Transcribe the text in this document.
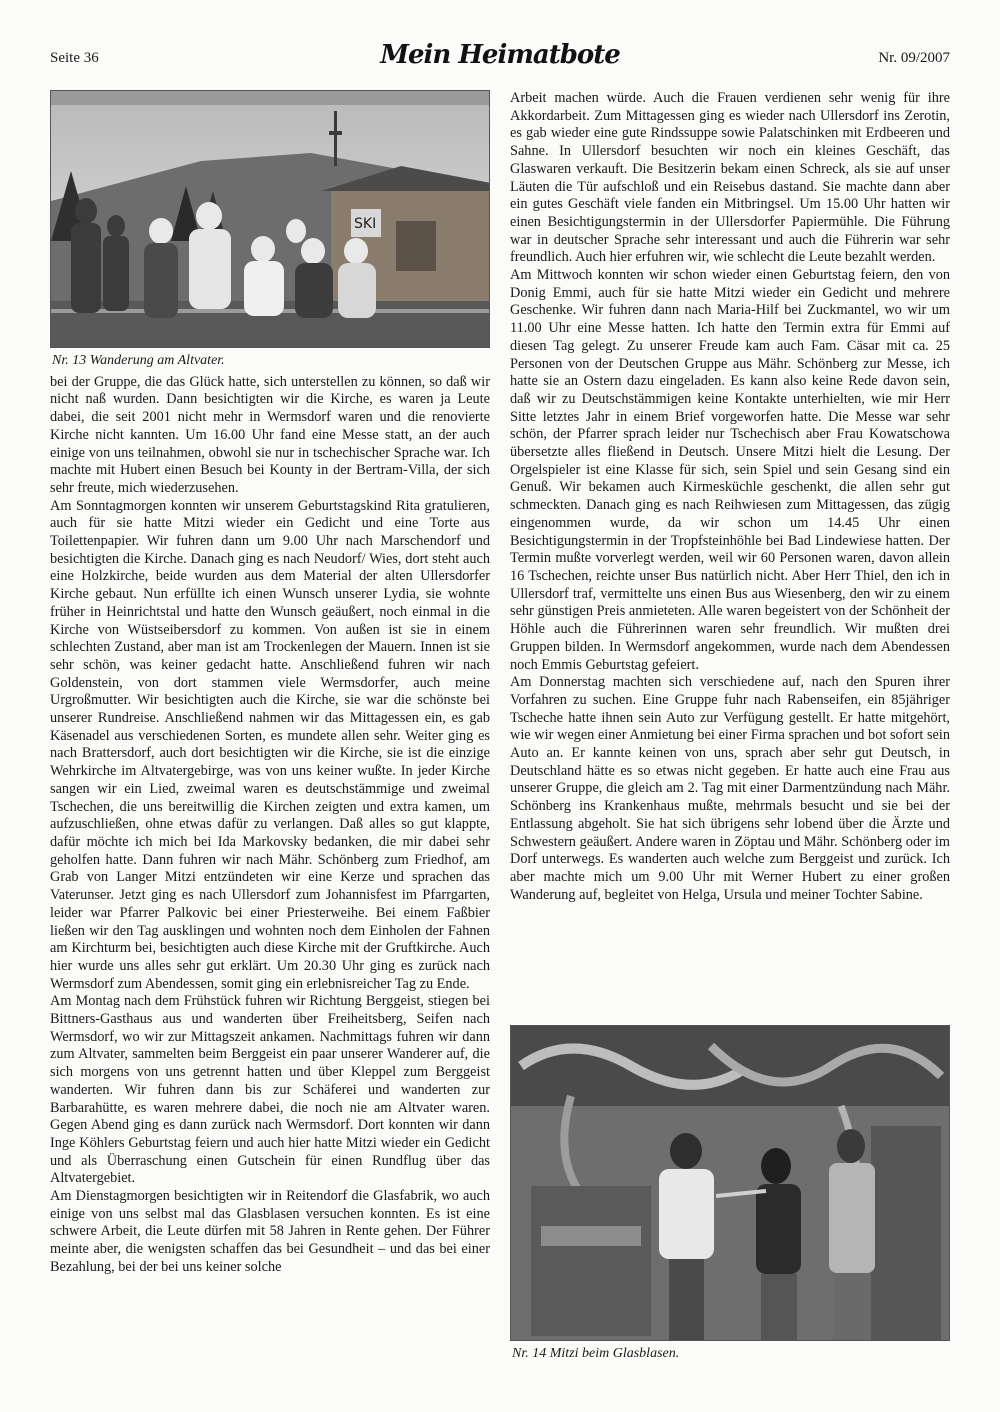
Seite 36	Mein Heimatbote	Nr. 09/2007
SKI
Nr. 13 Wanderung am Altvater.

bei der Gruppe, die das Glück hatte, sich unterstellen zu können, so daß wir nicht naß wurden. Dann besichtigten wir die Kirche, es waren ja Leute dabei, die seit 2001 nicht mehr in Wermsdorf waren und die renovierte Kirche nicht kannten. Um 16.00 Uhr fand eine Messe statt, an der auch einige von uns teilnahmen, obwohl sie nur in tschechischer Sprache war. Ich machte mit Hubert einen Besuch bei Kounty in der Bertram-Villa, der sich sehr freute, mich wiederzusehen.

Am Sonntagmorgen konnten wir unserem Geburtstagskind Rita gratulieren, auch für sie hatte Mitzi wieder ein Gedicht und eine Torte aus Toilettenpapier. Wir fuhren dann um 9.00 Uhr nach Marschendorf und besichtigten die Kirche. Danach ging es nach Neudorf/ Wies, dort steht auch eine Holzkirche, beide wurden aus dem Material der alten Ullersdorfer Kirche gebaut. Nun erfüllte ich einen Wunsch unserer Lydia, sie wohnte früher in Heinrichtstal und hatte den Wunsch geäußert, noch einmal in die Kirche von Wüstseibersdorf zu kommen. Von außen ist sie in einem schlechten Zustand, aber man ist am Trockenlegen der Mauern. Innen ist sie sehr schön, was keiner gedacht hatte. Anschließend fuhren wir nach Goldenstein, von dort stammen viele Wermsdorfer, auch meine Urgroßmutter. Wir besichtigten auch die Kirche, sie war die schönste bei unserer Rundreise. Anschließend nahmen wir das Mittagessen ein, es gab Käsenadel aus verschiedenen Sorten, es mundete allen sehr. Weiter ging es nach Brattersdorf, auch dort besichtigten wir die Kirche, sie ist die einzige Wehrkirche im Altvatergebirge, was von uns keiner wußte. In jeder Kirche sangen wir ein Lied, zweimal waren es deutschstämmige und zweimal Tschechen, die uns bereitwillig die Kirchen zeigten und extra kamen, um aufzuschließen, ohne etwas dafür zu verlangen. Daß alles so gut klappte, dafür möchte ich mich bei Ida Markovsky bedanken, die mir dabei sehr geholfen hatte. Dann fuhren wir nach Mähr. Schönberg zum Friedhof, am Grab von Langer Mitzi entzündeten wir eine Kerze und sprachen das Vaterunser. Jetzt ging es nach Ullersdorf zum Johannisfest im Pfarrgarten, leider war Pfarrer Palkovic bei einer Priesterweihe. Bei einem Faßbier ließen wir den Tag ausklingen und wohnten noch dem Einholen der Fahnen am Kirchturm bei, besichtigten auch diese Kirche mit der Gruftkirche. Auch hier wurde uns alles sehr gut erklärt. Um 20.30 Uhr ging es zurück nach Wermsdorf zum Abendessen, somit ging ein erlebnisreicher Tag zu Ende.

Am Montag nach dem Frühstück fuhren wir Richtung Berggeist, stiegen bei Bittners-Gasthaus aus und wanderten über Freiheitsberg, Seifen nach Wermsdorf, wo wir zur Mittagszeit ankamen. Nachmittags fuhren wir dann zum Altvater, sammelten beim Berggeist ein paar unserer Wanderer auf, die sich morgens von uns getrennt hatten und über Kleppel zum Berggeist wanderten. Wir fuhren dann bis zur Schäferei und wanderten zur Barbarahütte, es waren mehrere dabei, die noch nie am Altvater waren. Gegen Abend ging es dann zurück nach Wermsdorf. Dort konnten wir dann Inge Köhlers Geburtstag feiern und auch hier hatte Mitzi wieder ein Gedicht und als Überraschung einen Gutschein für einen Rundflug über das Altvatergebiet.

Am Dienstagmorgen besichtigten wir in Reitendorf die Glasfabrik, wo auch einige von uns selbst mal das Glasblasen versuchen konnten. Es ist eine schwere Arbeit, die Leute dürfen mit 58 Jahren in Rente gehen. Der Führer meinte aber, die wenigsten schaffen das bei Gesundheit – und das bei einer Bezahlung, bei der bei uns keiner solche

Arbeit machen würde. Auch die Frauen verdienen sehr wenig für ihre Akkordarbeit. Zum Mittagessen ging es wieder nach Ullersdorf ins Zerotin, es gab wieder eine gute Rindssuppe sowie Palatschinken mit Erdbeeren und Sahne. In Ullersdorf besuchten wir noch ein kleines Geschäft, das Glaswaren verkauft. Die Besitzerin bekam einen Schreck, als sie auf unser Läuten die Tür aufschloß und ein Reisebus dastand. Sie machte dann aber ein gutes Geschäft viele fanden ein Mitbringsel. Um 15.00 Uhr hatten wir einen Besichtigungstermin in der Ullersdorfer Papiermühle. Die Führung war in deutscher Sprache sehr interessant und auch die Führerin war sehr freundlich. Auch hier erfuhren wir, wie schlecht die Leute bezahlt werden.

Am Mittwoch konnten wir schon wieder einen Geburtstag feiern, den von Donig Emmi, auch für sie hatte Mitzi wieder ein Gedicht und mehrere Geschenke. Wir fuhren dann nach Maria-Hilf bei Zuckmantel, wo wir um 11.00 Uhr eine Messe hatten. Ich hatte den Termin extra für Emmi auf diesen Tag gelegt. Zu unserer Freude kam auch Fam. Cäsar mit ca. 25 Personen von der Deutschen Gruppe aus Mähr. Schönberg zur Messe, ich hatte sie an Ostern dazu eingeladen. Es kann also keine Rede davon sein, daß wir zu Deutschstämmigen keine Kontakte unterhielten, wie mir Herr Sitte letztes Jahr in einem Brief vorgeworfen hatte. Die Messe war sehr schön, der Pfarrer sprach leider nur Tschechisch aber Frau Kowatschowa übersetzte alles fließend in Deutsch. Unsere Mitzi hielt die Lesung. Der Orgelspieler ist eine Klasse für sich, sein Spiel und sein Gesang sind ein Genuß. Wir bekamen auch Kirmesküchle geschenkt, die allen sehr gut schmeckten. Danach ging es nach Reihwiesen zum Mittagessen, das zügig eingenommen wurde, da wir schon um 14.45 Uhr einen Besichtigungstermin in der Tropfsteinhöhle bei Bad Lindewiese hatten. Der Termin mußte vorverlegt werden, weil wir 60 Personen waren, davon allein 16 Tschechen, reichte unser Bus natürlich nicht. Aber Herr Thiel, den ich in Ullersdorf traf, vermittelte uns einen Bus aus Wiesenberg, den wir zu einem sehr günstigen Preis anmieteten. Alle waren begeistert von der Schönheit der Höhle auch die Führerinnen waren sehr freundlich. Wir mußten drei Gruppen bilden. In Wermsdorf angekommen, wurde nach dem Abendessen noch Emmis Geburtstag gefeiert.

Am Donnerstag machten sich verschiedene auf, nach den Spuren ihrer Vorfahren zu suchen. Eine Gruppe fuhr nach Rabenseifen, ein 85jähriger Tscheche hatte ihnen sein Auto zur Verfügung gestellt. Er hatte mitgehört, wie wir wegen einer Anmietung bei einer Firma sprachen und bot sofort sein Auto an. Er kannte keinen von uns, sprach aber sehr gut Deutsch, in Deutschland hätte es so etwas nicht gegeben. Er hatte auch eine Frau aus unserer Gruppe, die gleich am 2. Tag mit einer Darmentzündung nach Mähr. Schönberg ins Krankenhaus mußte, mehrmals besucht und sie bei der Entlassung abgeholt. Sie hat sich übrigens sehr lobend über die Ärzte und Schwestern geäußert. Andere waren in Zöptau und Mähr. Schönberg oder im Dorf unterwegs. Es wanderten auch welche zum Berggeist und zurück. Ich aber machte mich um 9.00 Uhr mit Werner Hubert zu einer großen Wanderung auf, begleitet von Helga, Ursula und meiner Tochter Sabine.

Nr. 14 Mitzi beim Glasblasen.
